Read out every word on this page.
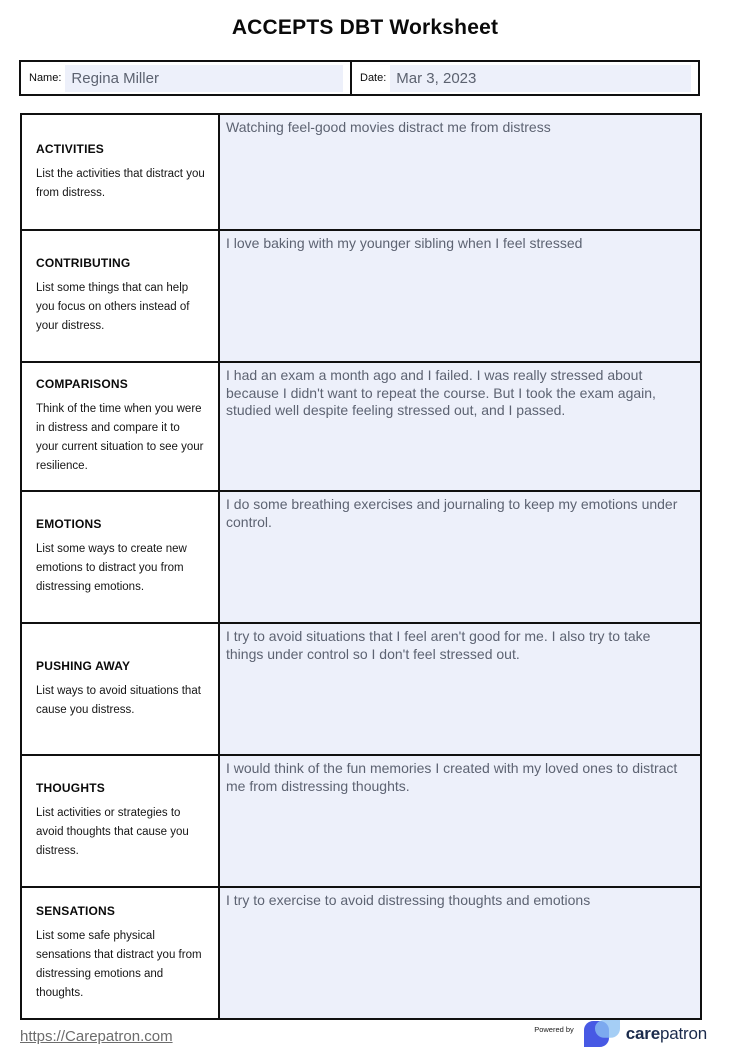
ACCEPTS DBT Worksheet
Name: Regina Miller	Date: Mar 3, 2023

ACTIVITIES

List the activities that distract you from distress.	Watching feel-good movies distract me from distress

CONTRIBUTING

List some things that can help you focus on others instead of your distress.	I love baking with my younger sibling when I feel stressed

COMPARISONS

Think of the time when you were in distress and compare it to your current situation to see your resilience.	I had an exam a month ago and I failed. I was really stressed about because I didn't want to repeat the course. But I took the exam again, studied well despite feeling stressed out, and I passed.

EMOTIONS

List some ways to create new emotions to distract you from distressing emotions.	I do some breathing exercises and journaling to keep my emotions under control.

PUSHING AWAY

List ways to avoid situations that cause you distress.	I try to avoid situations that I feel aren't good for me. I also try to take things under control so I don't feel stressed out.

THOUGHTS

List activities or strategies to avoid thoughts that cause you distress.	I would think of the fun memories I created with my loved ones to distract me from distressing thoughts.

SENSATIONS

List some safe physical sensations that distract you from distressing emotions and thoughts.	I try to exercise to avoid distressing thoughts and emotions

https://Carepatron.com	Powered by	carepatron
